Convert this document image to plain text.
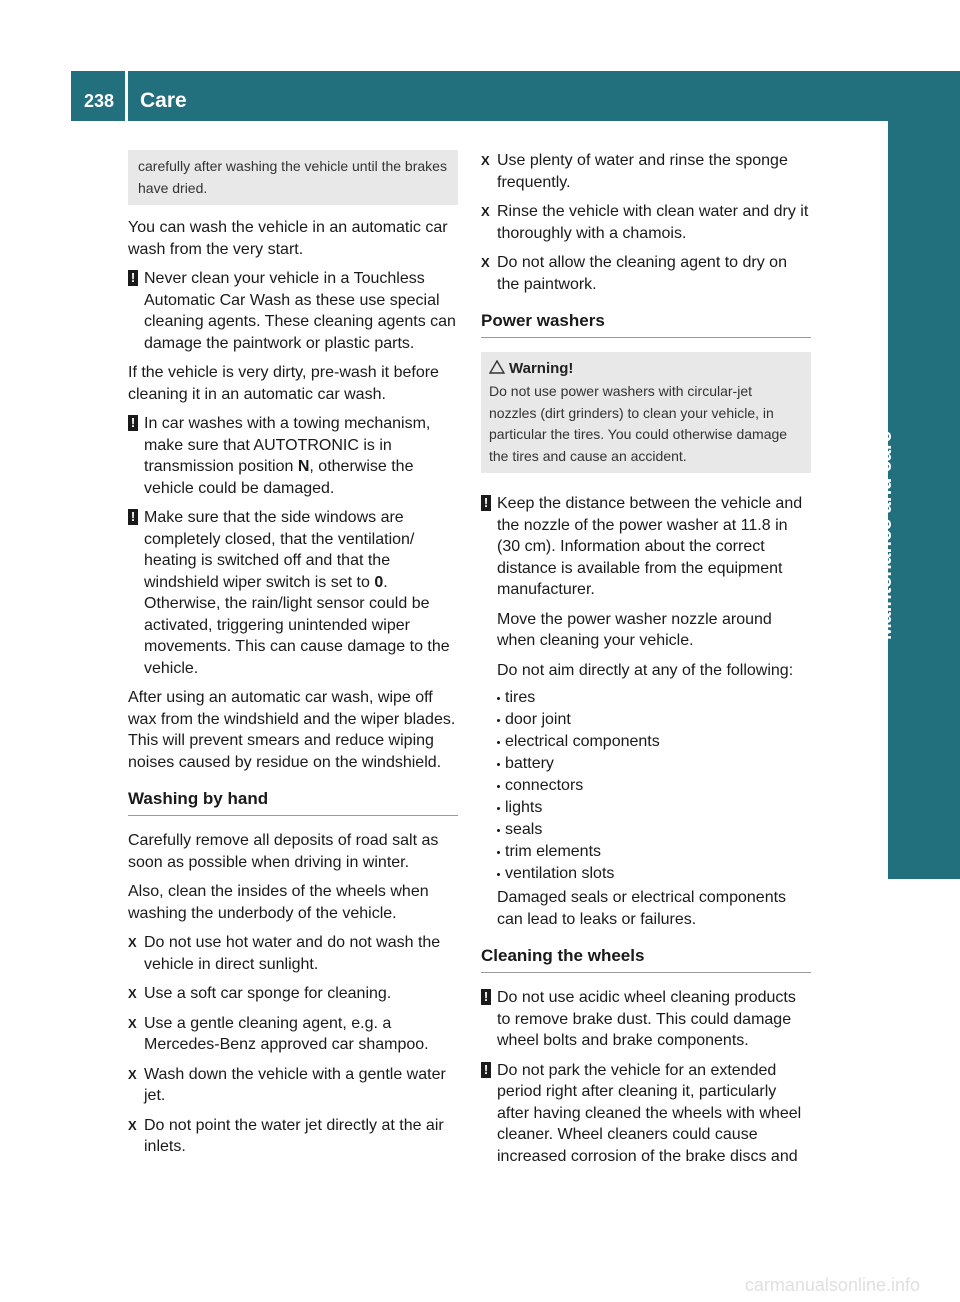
238 Care
Maintenance and care

carefully after washing the vehicle until the brakes have dried.

You can wash the vehicle in an automatic car wash from the very start.

! Never clean your vehicle in a Touchless Automatic Car Wash as these use special cleaning agents. These cleaning agents can damage the paintwork or plastic parts.

If the vehicle is very dirty, pre-wash it before cleaning it in an automatic car wash.

! In car washes with a towing mechanism, make sure that AUTOTRONIC is in transmission position N, otherwise the vehicle could be damaged.

! Make sure that the side windows are completely closed, that the ventilation/ heating is switched off and that the windshield wiper switch is set to 0. Otherwise, the rain/light sensor could be activated, triggering unintended wiper movements. This can cause damage to the vehicle.

After using an automatic car wash, wipe off wax from the windshield and the wiper blades. This will prevent smears and reduce wiping noises caused by residue on the windshield.

Washing by hand

Carefully remove all deposits of road salt as soon as possible when driving in winter.

Also, clean the insides of the wheels when washing the underbody of the vehicle.

X Do not use hot water and do not wash the vehicle in direct sunlight.

X Use a soft car sponge for cleaning.

X Use a gentle cleaning agent, e.g. a Mercedes-Benz approved car shampoo.

X Wash down the vehicle with a gentle water jet.

X Do not point the water jet directly at the air inlets.

X Use plenty of water and rinse the sponge frequently.

X Rinse the vehicle with clean water and dry it thoroughly with a chamois.

X Do not allow the cleaning agent to dry on the paintwork.

Power washers
Warning!

Do not use power washers with circular-jet nozzles (dirt grinders) to clean your vehicle, in particular the tires. You could otherwise damage the tires and cause an accident.

! Keep the distance between the vehicle and the nozzle of the power washer at 11.8 in (30 cm). Information about the correct distance is available from the equipment manufacturer.

Move the power washer nozzle around when cleaning your vehicle.

Do not aim directly at any of the following:

tires
door joint
electrical components
battery
connectors
lights
seals
trim elements
ventilation slots

Damaged seals or electrical components can lead to leaks or failures.

Cleaning the wheels

! Do not use acidic wheel cleaning products to remove brake dust. This could damage wheel bolts and brake components.

! Do not park the vehicle for an extended period right after cleaning it, particularly after having cleaned the wheels with wheel cleaner. Wheel cleaners could cause increased corrosion of the brake discs and

carmanualsonline.info
